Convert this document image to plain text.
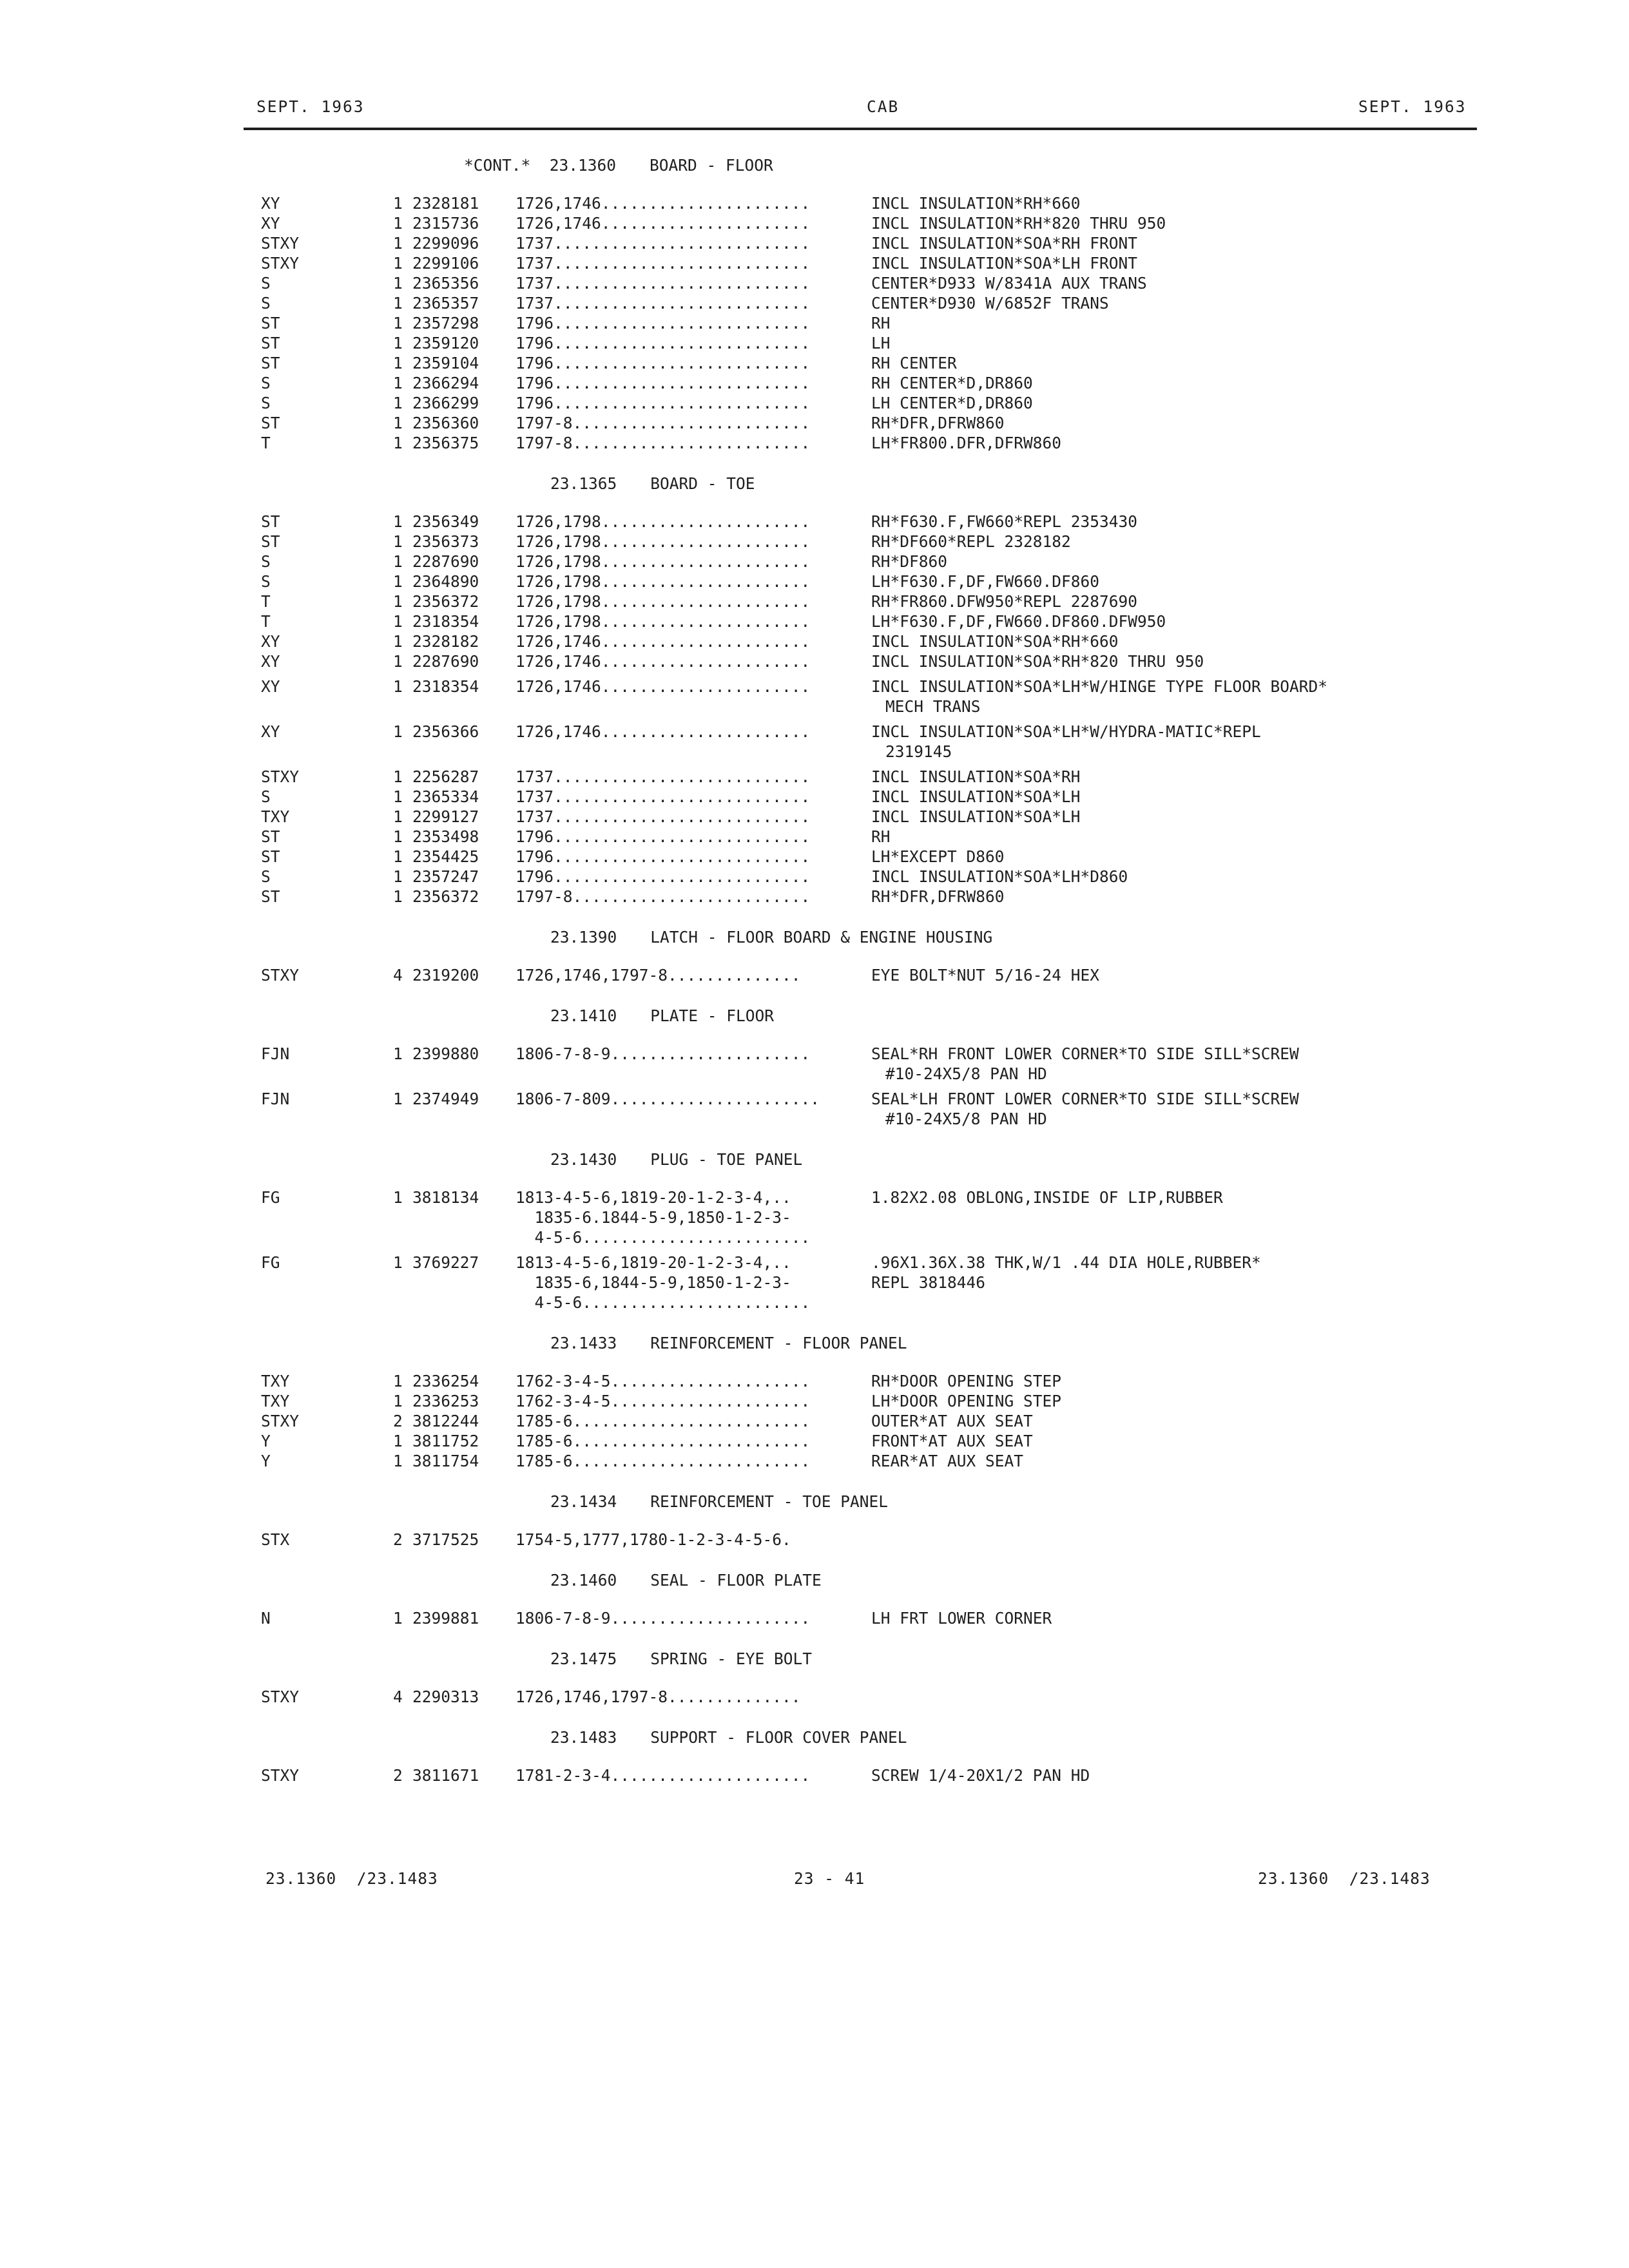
SEPT. 1963	CAB	SEPT. 1963
*CONT.* 23.1360 BOARD - FLOOR
XY	1 2328181 1726,1746......................	INCL INSULATION*RH*660
XY	1 2315736 1726,1746......................	INCL INSULATION*RH*820 THRU 950
STXY	1 2299096 1737...........................	INCL INSULATION*SOA*RH FRONT
STXY	1 2299106 1737...........................	INCL INSULATION*SOA*LH FRONT
S	1 2365356 1737...........................	CENTER*D933 W/8341A AUX TRANS
S	1 2365357 1737...........................	CENTER*D930 W/6852F TRANS
ST	1 2357298 1796...........................	RH
ST	1 2359120 1796...........................	LH
ST	1 2359104 1796...........................	RH CENTER
S	1 2366294 1796...........................	RH CENTER*D,DR860
S	1 2366299 1796...........................	LH CENTER*D,DR860
ST	1 2356360 1797-8.........................	RH*DFR,DFRW860
T	1 2356375 1797-8.........................	LH*FR800.DFR,DFRW860
23.1365 BOARD - TOE
ST	1 2356349 1726,1798......................	RH*F630.F,FW660*REPL 2353430
ST	1 2356373 1726,1798......................	RH*DF660*REPL 2328182
S	1 2287690 1726,1798......................	RH*DF860
S	1 2364890 1726,1798......................	LH*F630.F,DF,FW660.DF860
T	1 2356372 1726,1798......................	RH*FR860.DFW950*REPL 2287690
T	1 2318354 1726,1798......................	LH*F630.F,DF,FW660.DF860.DFW950
XY	1 2328182 1726,1746......................	INCL INSULATION*SOA*RH*660
XY	1 2287690 1726,1746......................	INCL INSULATION*SOA*RH*820 THRU 950
XY	1 2318354 1726,1746......................	INCL INSULATION*SOA*LH*W/HINGE TYPE FLOOR BOARD*
MECH TRANS
XY	1 2356366 1726,1746......................	INCL INSULATION*SOA*LH*W/HYDRA-MATIC*REPL
2319145
STXY	1 2256287 1737...........................	INCL INSULATION*SOA*RH
S	1 2365334 1737...........................	INCL INSULATION*SOA*LH
TXY	1 2299127 1737...........................	INCL INSULATION*SOA*LH
ST	1 2353498 1796...........................	RH
ST	1 2354425 1796...........................	LH*EXCEPT D860
S	1 2357247 1796...........................	INCL INSULATION*SOA*LH*D860
ST	1 2356372 1797-8.........................	RH*DFR,DFRW860
23.1390 LATCH - FLOOR BOARD & ENGINE HOUSING
STXY	4 2319200 1726,1746,1797-8..............	EYE BOLT*NUT 5/16-24 HEX
23.1410 PLATE - FLOOR
FJN	1 2399880 1806-7-8-9.....................	SEAL*RH FRONT LOWER CORNER*TO SIDE SILL*SCREW
#10-24X5/8 PAN HD
FJN	1 2374949 1806-7-809......................	SEAL*LH FRONT LOWER CORNER*TO SIDE SILL*SCREW
#10-24X5/8 PAN HD
23.1430 PLUG - TOE PANEL
FG	1 3818134 1813-4-5-6,1819-20-1-2-3-4,..
1835-6.1844-5-9,1850-1-2-3-
4-5-6........................
1.82X2.08 OBLONG,INSIDE OF LIP,RUBBER
FG	1 3769227 1813-4-5-6,1819-20-1-2-3-4,..
1835-6,1844-5-9,1850-1-2-3-
4-5-6........................
.96X1.36X.38 THK,W/1 .44 DIA HOLE,RUBBER*
REPL 3818446
23.1433 REINFORCEMENT - FLOOR PANEL
TXY	1 2336254 1762-3-4-5.....................	RH*DOOR OPENING STEP
TXY	1 2336253 1762-3-4-5.....................	LH*DOOR OPENING STEP
STXY	2 3812244 1785-6.........................	OUTER*AT AUX SEAT
Y	1 3811752 1785-6.........................	FRONT*AT AUX SEAT
Y	1 3811754 1785-6.........................	REAR*AT AUX SEAT
23.1434 REINFORCEMENT - TOE PANEL
STX	2 3717525 1754-5,1777,1780-1-2-3-4-5-6.
23.1460 SEAL - FLOOR PLATE
N	1 2399881 1806-7-8-9.....................	LH FRT LOWER CORNER
23.1475 SPRING - EYE BOLT
STXY	4 2290313 1726,1746,1797-8..............
23.1483 SUPPORT - FLOOR COVER PANEL
STXY	2 3811671 1781-2-3-4.....................	SCREW 1/4-20X1/2 PAN HD
23.1360  /23.1483	23 - 41	23.1360  /23.1483
